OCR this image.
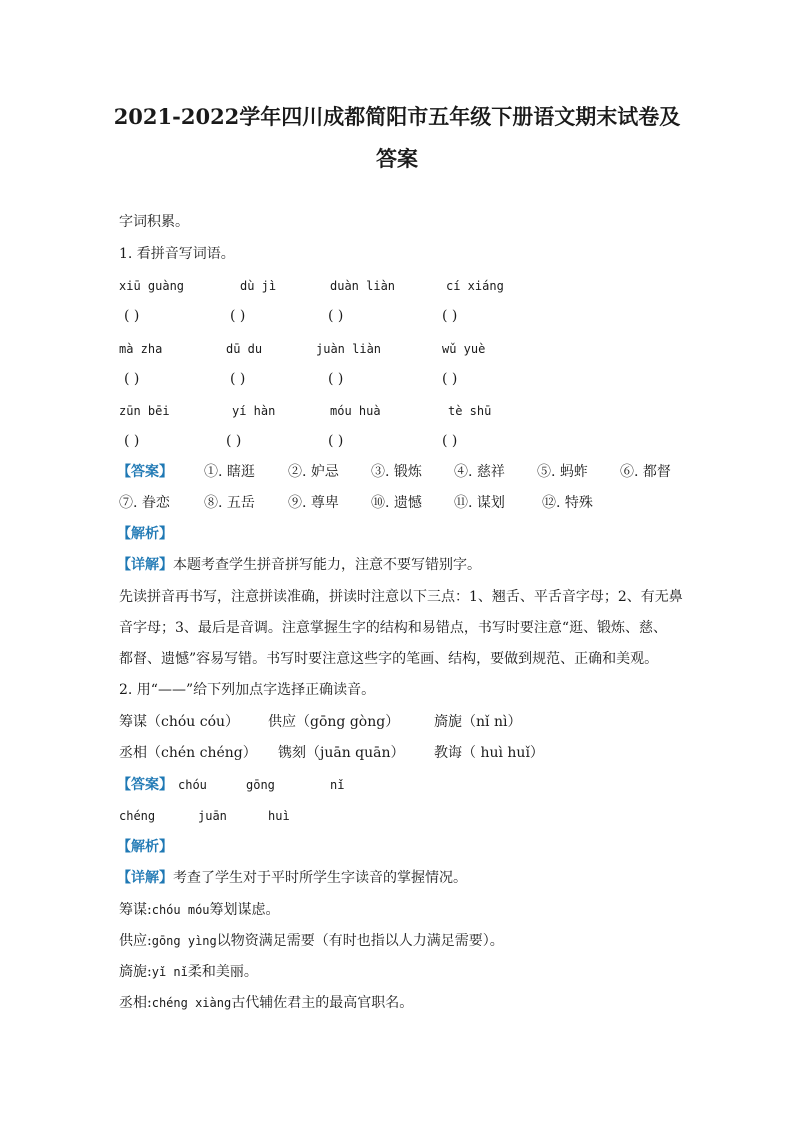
2021-2022学年四川成都简阳市五年级下册语文期末试卷及
答案
字词积累。
1. 看拼音写词语。
xiū guàng	dù jì	duàn liàn	cí xiáng
( )	( )	( )	( )
mà zha	dū du	juàn liàn	wǔ yuè
( )	( )	( )	( )
zūn bēi	yí hàn	móu huà	tè shū
( )	( )	( )	( )
【答案】 ①. 瞎逛 ②. 妒忌 ③. 锻炼 ④. 慈祥 ⑤. 蚂蚱 ⑥. 都督
⑦. 眷恋 ⑧. 五岳 ⑨. 尊卑 ⑩. 遗憾 ⑪. 谋划	⑫. 特殊
【解析】
【详解】本题考查学生拼音拼写能力，注意不要写错别字。
先读拼音再书写，注意拼读准确，拼读时注意以下三点：1、翘舌、平舌音字母；2、有无鼻
音字母；3、最后是音调。注意掌握生字的结构和易错点，书写时要注意“逛、锻炼、慈、
都督、遗憾”容易写错。书写时要注意这些字的笔画、结构，要做到规范、正确和美观。
2. 用“——”给下列加点字选择正确读音。
筹谋（chóu cóu） 供应（gōng gòng） 旖旎（nǐ nì）
丞相（chén chéng） 镌刻（juān quān） 教诲（ huì huǐ）
【答案】 chóu	gōng	nǐ
chéng	juān	huì
【解析】
【详解】考查了学生对于平时所学生字读音的掌握情况。
筹谋:chóu móu筹划谋虑。
供应:gōng yìng以物资满足需要（有时也指以人力满足需要）。
旖旎:yǐ nǐ柔和美丽。
丞相:chéng xiàng古代辅佐君主的最高官职名。
